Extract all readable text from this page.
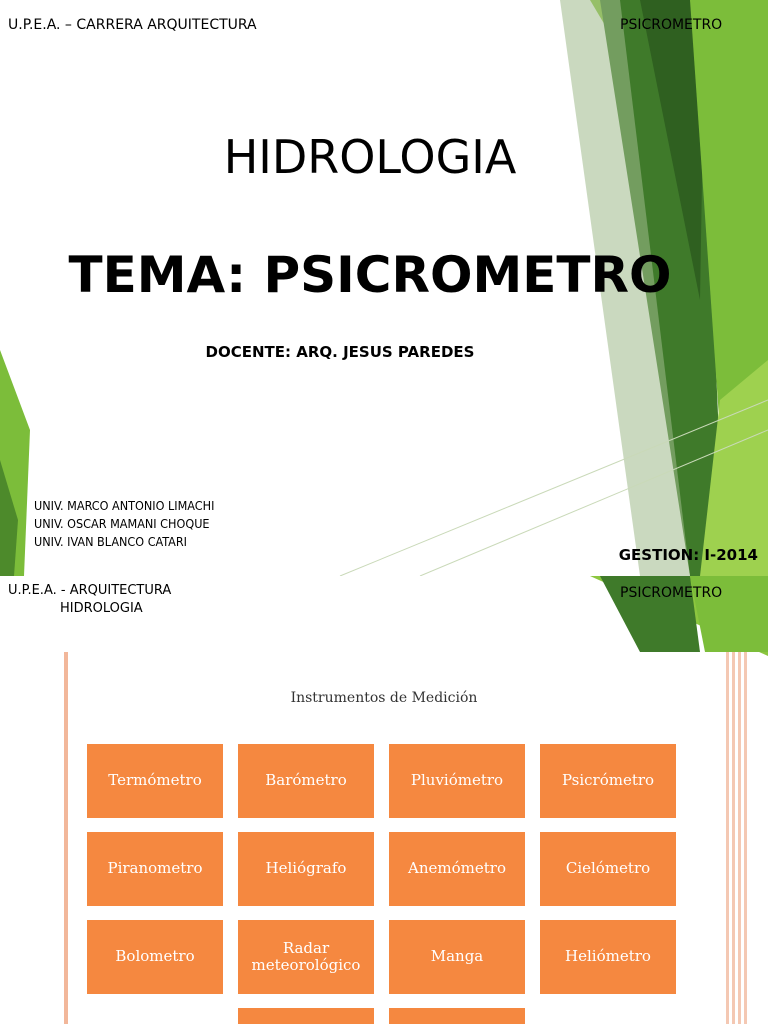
U.P.E.A. – CARRERA ARQUITECTURA	PSICROMETRO
HIDROLOGIA
TEMA: PSICROMETRO
DOCENTE: ARQ. JESUS PAREDES
UNIV. MARCO ANTONIO LIMACHI
UNIV. OSCAR MAMANI CHOQUE
UNIV. IVAN BLANCO CATARI
GESTION: I-2014
U.P.E.A. - ARQUITECTURA
HIDROLOGIA
PSICROMETRO
Instrumentos de Medición
Termómetro	Barómetro	Pluviómetro	Psicrómetro
Piranometro	Heliógrafo	Anemómetro	Cielómetro
Bolometro	Radar meteorológico	Manga	Heliómetro
